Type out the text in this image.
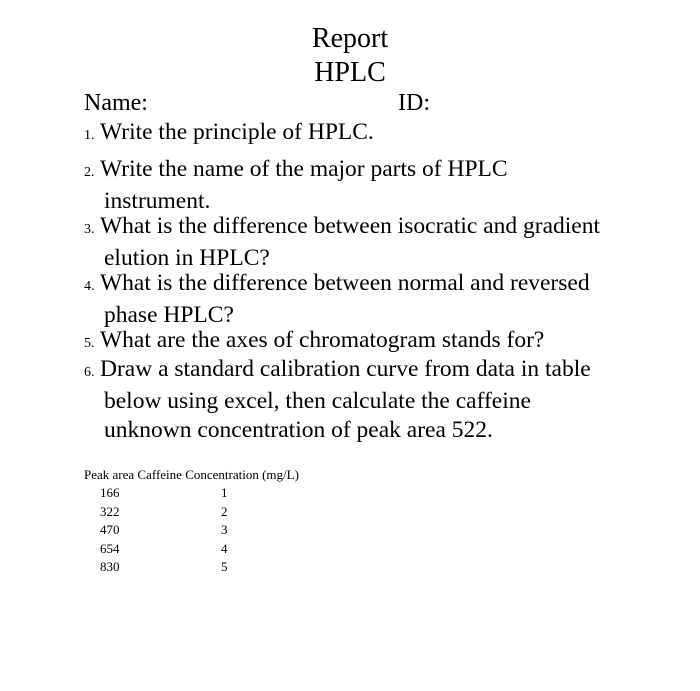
Report
HPLC
Name:	ID:
1. Write the principle of HPLC.
2. Write the name of the major parts of HPLC
instrument.
3. What is the difference between isocratic and gradient
elution in HPLC?
4. What is the difference between normal and reversed
phase HPLC?
5. What are the axes of chromatogram stands for?
6. Draw a standard calibration curve from data in table
below using excel, then calculate the caffeine
unknown concentration of peak area 522.
Peak area Caffeine Concentration (mg/L)
166	1
322	2
470	3
654	4
830	5
